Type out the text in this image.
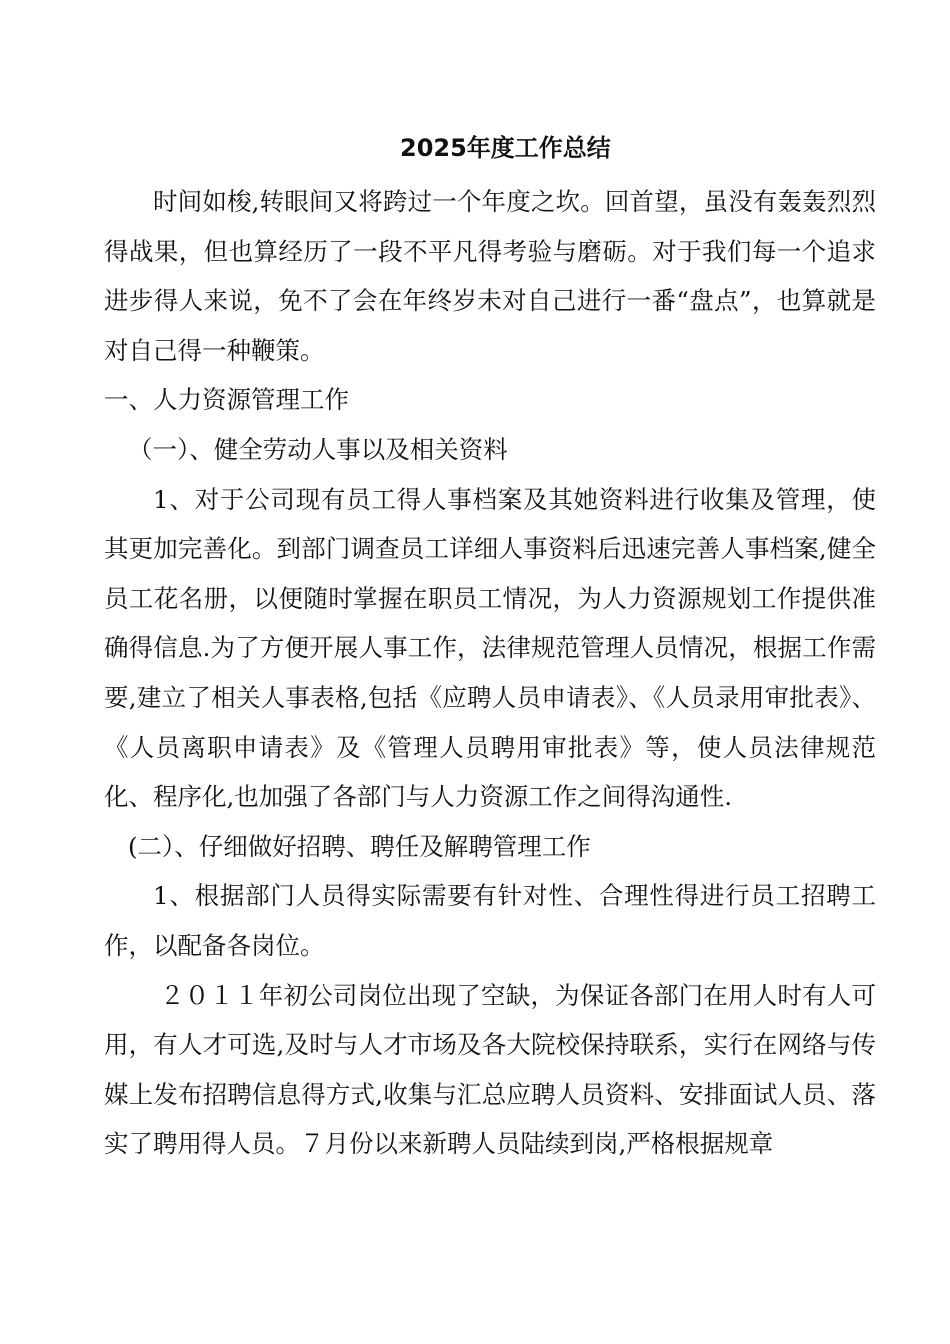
2025年度工作总结

时间如梭,转眼间又将跨过一个年度之坎。回首望，虽没有轰轰烈烈得战果，但也算经历了一段不平凡得考验与磨砺。对于我们每一个追求进步得人来说，免不了会在年终岁未对自己进行一番“盘点”，也算就是对自己得一种鞭策。

一、人力资源管理工作

（一）、健全劳动人事以及相关资料

1、对于公司现有员工得人事档案及其她资料进行收集及管理，使其更加完善化。到部门调查员工详细人事资料后迅速完善人事档案,健全员工花名册，以便随时掌握在职员工情况，为人力资源规划工作提供准确得信息.为了方便开展人事工作，法律规范管理人员情况，根据工作需要,建立了相关人事表格,包括《应聘人员申请表》、《人员录用审批表》、《人员离职申请表》及《管理人员聘用审批表》等，使人员法律规范化、程序化,也加强了各部门与人力资源工作之间得沟通性.

(二）、仔细做好招聘、聘任及解聘管理工作

1、根据部门人员得实际需要有针对性、合理性得进行员工招聘工作，以配备各岗位。

２０１１年初公司岗位出现了空缺，为保证各部门在用人时有人可用，有人才可选,及时与人才市场及各大院校保持联系，实行在网络与传媒上发布招聘信息得方式,收集与汇总应聘人员资料、安排面试人员、落实了聘用得人员。７月份以来新聘人员陆续到岗,严格根据规章
